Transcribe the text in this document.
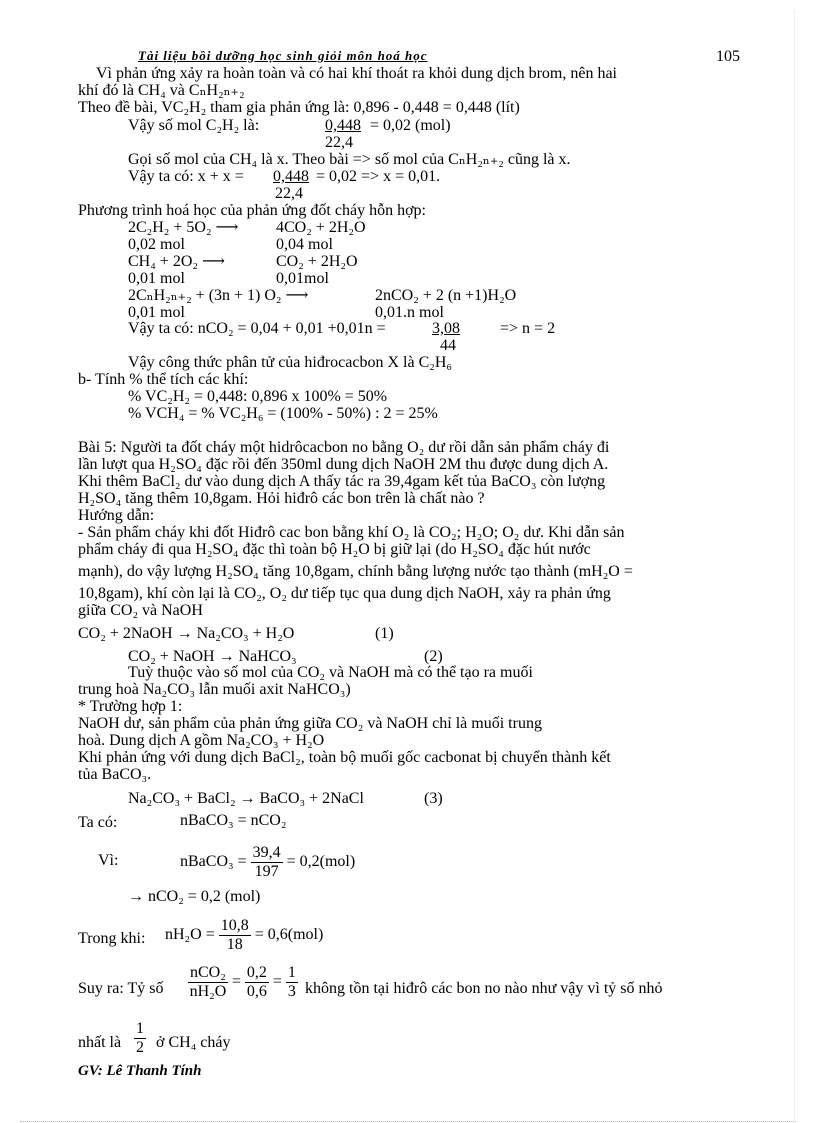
Tài liệu bồi dưỡng học sinh giỏi môn hoá học	105
Vì phản ứng xảy ra hoàn toàn và có hai khí thoát ra khỏi dung dịch brom, nên hai
khí đó là CH₄ và CₙH₂ₙ₊₂
Theo đề bài, VC₂H₂ tham gia phản ứng là: 0,896 - 0,448 = 0,448 (lít)
Vậy số mol C₂H₂ là:	0,448 = 0,02 (mol)
22,4
Gọi số mol của CH₄ là x. Theo bài => số mol của CₙH₂ₙ₊₂ cũng là x.
Vậy ta có: x + x = 0,448 = 0,02 => x = 0,01.
22,4
Phương trình hoá học của phản ứng đốt cháy hỗn hợp:
2C₂H₂ + 5O₂ ⟶ 4CO₂ + 2H₂O
0,02 mol	0,04 mol
CH₄ + 2O₂ ⟶	CO₂ + 2H₂O
0,01 mol	0,01mol
2CₙH₂ₙ₊₂ + (3n + 1) O₂ ⟶	2nCO₂ + 2 (n +1)H₂O
0,01 mol	0,01.n mol
Vậy ta có: nCO₂ = 0,04 + 0,01 +0,01n =	3,08	=> n = 2
44
Vậy công thức phân tử của hiđrocacbon X là C₂H₆
b- Tính % thể tích các khí:
% VC₂H₂ = 0,448: 0,896 x 100% = 50%
% VCH₄ = % VC₂H₆ = (100% - 50%) : 2 = 25%
Bài 5: Người ta đốt cháy một hidrôcacbon no bằng O₂ dư rồi dẫn sản phẩm cháy đi
lần lượt qua H₂SO₄ đặc rồi đến 350ml dung dịch NaOH 2M thu được dung dịch A.
Khi thêm BaCl₂ dư vào dung dịch A thấy tác ra 39,4gam kết tủa BaCO₃ còn lượng
H₂SO₄ tăng thêm 10,8gam. Hỏi hiđrô các bon trên là chất nào ?
Hướng dẫn:
- Sản phẩm cháy khi đốt Hiđrô cac bon bằng khí O₂ là CO₂; H₂O; O₂ dư. Khi dẫn sản
phẩm cháy đi qua H₂SO₄ đặc thì toàn bộ H₂O bị giữ lại (do H₂SO₄ đặc hút nước
mạnh), do vậy lượng H₂SO₄ tăng 10,8gam, chính bằng lượng nước tạo thành (mH₂O =
10,8gam), khí còn lại là CO₂, O₂ dư tiếp tục qua dung dịch NaOH, xảy ra phản ứng
giữa CO₂ và NaOH
CO₂ + 2NaOH → Na₂CO₃ + H₂O	(1)
CO₂ + NaOH → NaHCO₃	(2)
Tuỳ thuộc vào số mol của CO₂ và NaOH mà có thể tạo ra muối
trung hoà Na₂CO₃ lẫn muối axit NaHCO₃)
* Trường hợp 1:
NaOH dư, sản phẩm của phản ứng giữa CO₂ và NaOH chỉ là muối trung
hoà. Dung dịch A gồm Na₂CO₃ + H₂O
Khi phản ứng với dung dịch BaCl₂, toàn bộ muối gốc cacbonat bị chuyển thành kết
tủa BaCO₃.
Na₂CO₃ + BaCl₂ → BaCO₃ + 2NaCl	(3)
Ta có:	nBaCO₃ = nCO₂
Vì:	nBaCO₃ = $\frac{39,4}{197} = 0,2(mol)$
→ nCO₂ = 0,2 (mol)
Trong khi: $nH_2O = \frac{10,8}{18} = 0,6(mol)$
Suy ra: Tỷ số $\frac{\text{nCO₂}}{\text{nH₂O}} = \frac{0,2}{0,6} = \frac{1}{3}$ không tồn tại hiđrô các bon no nào như vậy vì tỷ số nhỏ
nhất là $\frac{1}{2}$ ở CH₄ cháy
GV: Lê Thanh Tính
